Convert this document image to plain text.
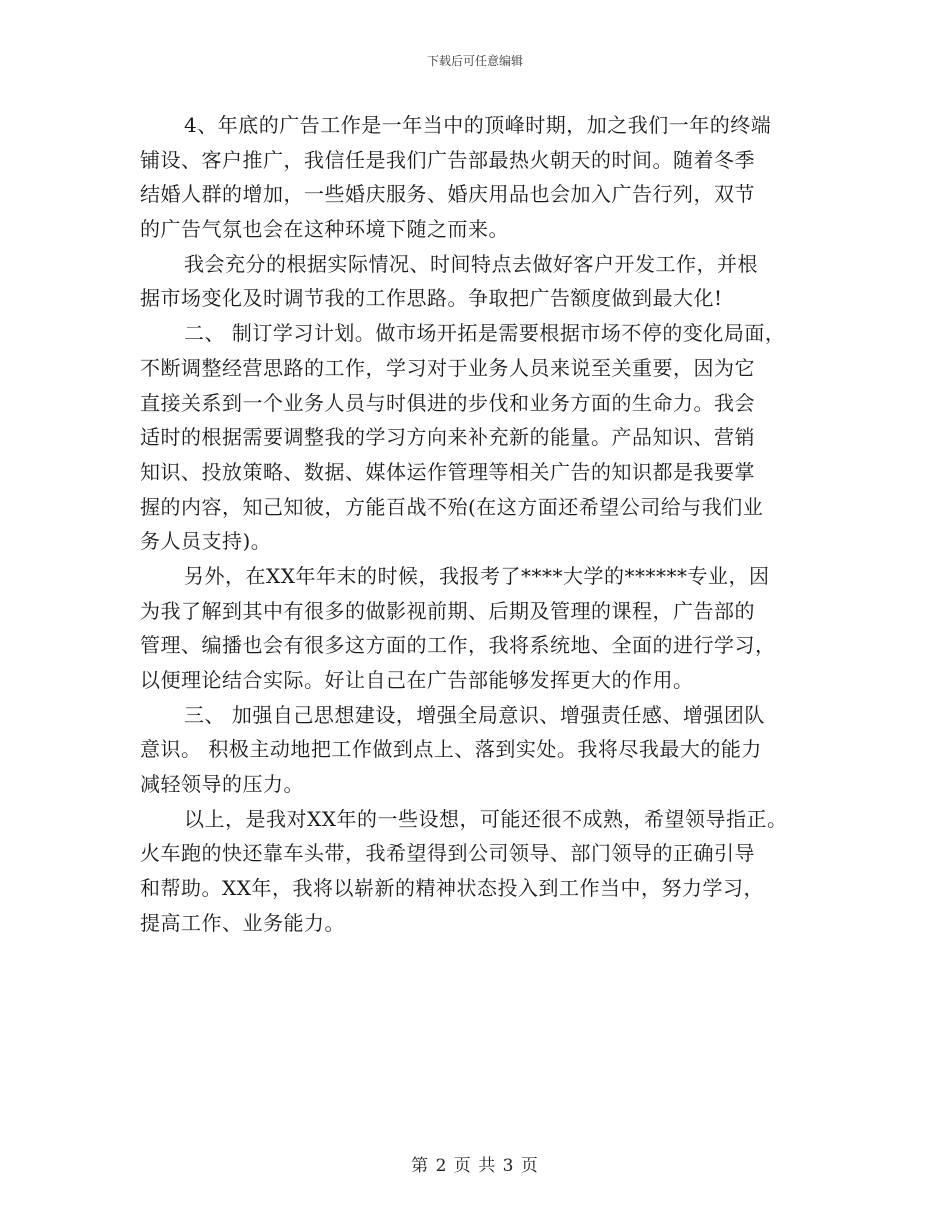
下载后可任意编辑
4、年底的广告工作是一年当中的顶峰时期，加之我们一年的终端
铺设、客户推广，我信任是我们广告部最热火朝天的时间。随着冬季
结婚人群的增加，一些婚庆服务、婚庆用品也会加入广告行列，双节
的广告气氛也会在这种环境下随之而来。
我会充分的根据实际情况、时间特点去做好客户开发工作，并根
据市场变化及时调节我的工作思路。争取把广告额度做到最大化!
二、 制订学习计划。做市场开拓是需要根据市场不停的变化局面，
不断调整经营思路的工作，学习对于业务人员来说至关重要，因为它
直接关系到一个业务人员与时俱进的步伐和业务方面的生命力。我会
适时的根据需要调整我的学习方向来补充新的能量。产品知识、营销
知识、投放策略、数据、媒体运作管理等相关广告的知识都是我要掌
握的内容，知己知彼，方能百战不殆(在这方面还希望公司给与我们业
务人员支持)。
另外，在XX年年末的时候，我报考了****大学的******专业，因
为我了解到其中有很多的做影视前期、后期及管理的课程，广告部的
管理、编播也会有很多这方面的工作，我将系统地、全面的进行学习，
以便理论结合实际。好让自己在广告部能够发挥更大的作用。
三、 加强自己思想建设，增强全局意识、增强责任感、增强团队
意识。 积极主动地把工作做到点上、落到实处。我将尽我最大的能力
减轻领导的压力。
以上，是我对XX年的一些设想，可能还很不成熟，希望领导指正。
火车跑的快还靠车头带，我希望得到公司领导、部门领导的正确引导
和帮助。XX年，我将以崭新的精神状态投入到工作当中，努力学习，
提高工作、业务能力。
第 2 页 共 3 页
